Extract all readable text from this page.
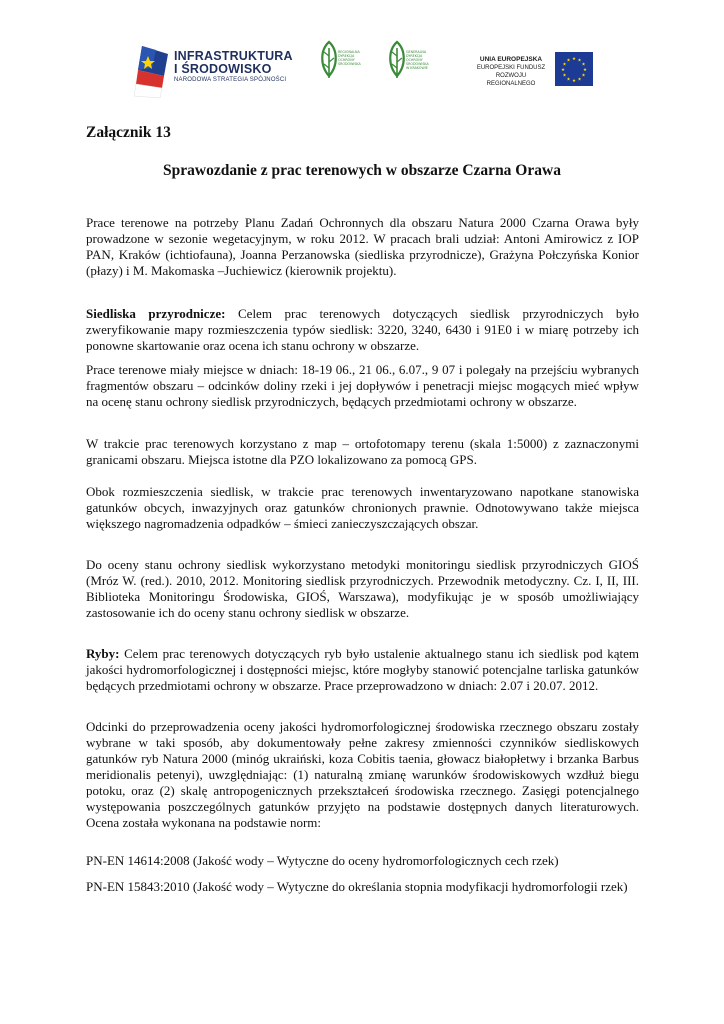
INFRASTRUKTURA
I ŚRODOWISKO
NARODOWA STRATEGIA SPÓJNOŚCI
REGIONALNA DYREKCJA OCHRONY ŚRODOWISKA
GENERALNA DYREKCJA OCHRONY ŚRODOWISKA W KRAKOWIE
UNIA EUROPEJSKA
EUROPEJSKI FUNDUSZ
ROZWOJU REGIONALNEGO
★ ★
★
★
★
★
★
★
★
★
★
★
Załącznik 13
Sprawozdanie z prac terenowych w obszarze Czarna Orawa

Prace terenowe na potrzeby Planu Zadań Ochronnych dla obszaru Natura 2000 Czarna Orawa były prowadzone w sezonie wegetacyjnym, w roku 2012. W pracach brali udział: Antoni Amirowicz z IOP PAN, Kraków (ichtiofauna), Joanna Perzanowska (siedliska przyrodnicze), Grażyna Połczyńska Konior (płazy) i M. Makomaska –Juchiewicz (kierownik projektu).

Siedliska przyrodnicze: Celem prac terenowych dotyczących siedlisk przyrodniczych było zweryfikowanie mapy rozmieszczenia typów siedlisk: 3220, 3240, 6430 i 91E0 i w miarę potrzeby ich ponowne skartowanie oraz ocena ich stanu ochrony w obszarze.

Prace terenowe miały miejsce w dniach: 18-19 06., 21 06., 6.07., 9 07 i polegały na przejściu wybranych fragmentów obszaru – odcinków doliny rzeki i jej dopływów i penetracji miejsc mogących mieć wpływ na ocenę stanu ochrony siedlisk przyrodniczych, będących przedmiotami ochrony w obszarze.

W trakcie prac terenowych korzystano z map – ortofotomapy terenu (skala 1:5000) z zaznaczonymi granicami obszaru. Miejsca istotne dla PZO lokalizowano za pomocą GPS.

Obok rozmieszczenia siedlisk, w trakcie prac terenowych inwentaryzowano napotkane stanowiska gatunków obcych, inwazyjnych oraz gatunków chronionych prawnie. Odnotowywano także miejsca większego nagromadzenia odpadków – śmieci zanieczyszczających obszar.

Do oceny stanu ochrony siedlisk wykorzystano metodyki monitoringu siedlisk przyrodniczych GIOŚ (Mróz W. (red.). 2010, 2012. Monitoring siedlisk przyrodniczych. Przewodnik metodyczny. Cz. I, II, III. Biblioteka Monitoringu Środowiska, GIOŚ, Warszawa), modyfikując je w sposób umożliwiający zastosowanie ich do oceny stanu ochrony siedlisk w obszarze.

Ryby: Celem prac terenowych dotyczących ryb było ustalenie aktualnego stanu ich siedlisk pod kątem jakości hydromorfologicznej i dostępności miejsc, które mogłyby stanowić potencjalne tarliska gatunków będących przedmiotami ochrony w obszarze. Prace przeprowadzono w dniach: 2.07 i 20.07. 2012.

Odcinki do przeprowadzenia oceny jakości hydromorfologicznej środowiska rzecznego obszaru zostały wybrane w taki sposób, aby dokumentowały pełne zakresy zmienności czynników siedliskowych gatunków ryb Natura 2000 (minóg ukraiński, koza Cobitis taenia, głowacz białopłetwy i brzanka Barbus meridionalis petenyi), uwzględniając: (1) naturalną zmianę warunków środowiskowych wzdłuż biegu potoku, oraz (2) skalę antropogenicznych przekształceń środowiska rzecznego. Zasięgi potencjalnego występowania poszczególnych gatunków przyjęto na podstawie dostępnych danych literaturowych. Ocena została wykonana na podstawie norm:

PN-EN 14614:2008 (Jakość wody – Wytyczne do oceny hydromorfologicznych cech rzek)

PN-EN 15843:2010 (Jakość wody – Wytyczne do określania stopnia modyfikacji hydromorfologii rzek)
